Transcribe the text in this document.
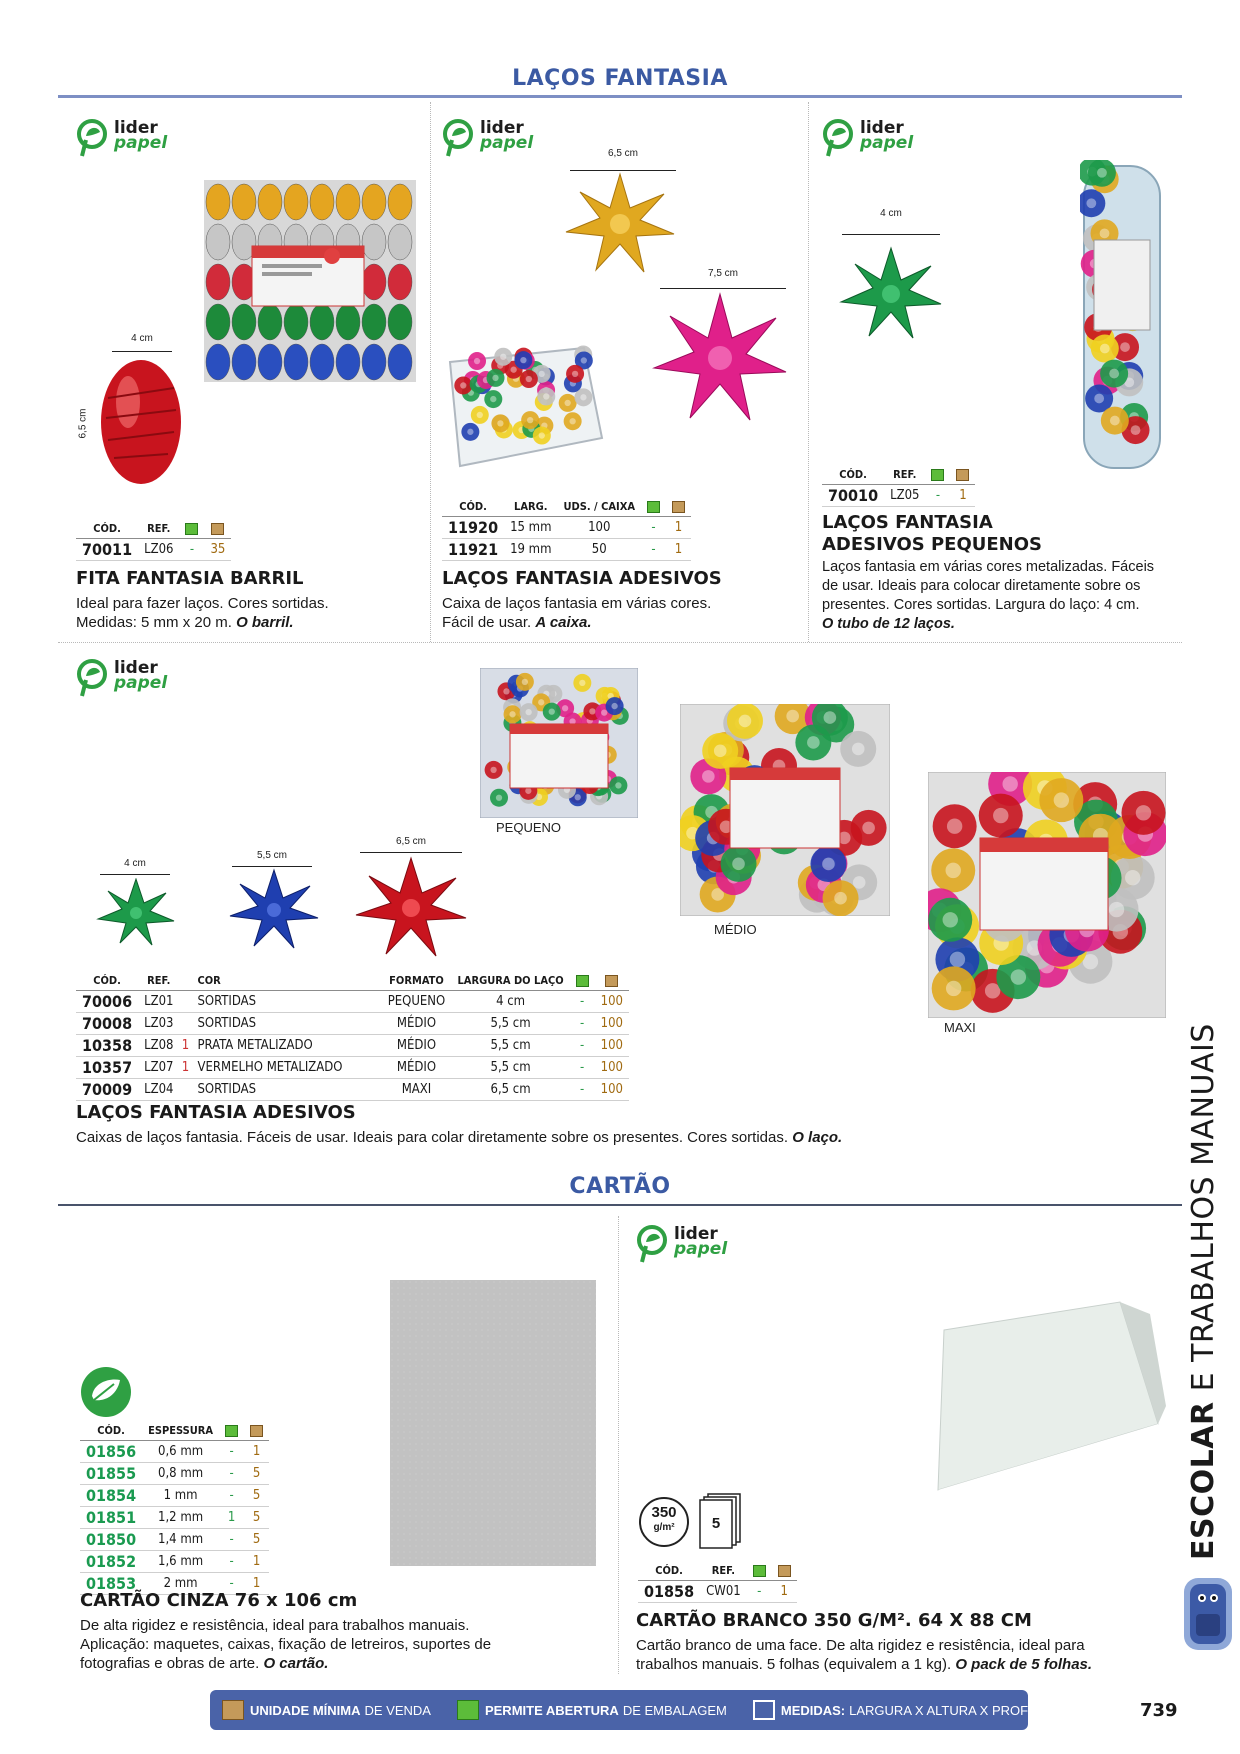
LAÇOS FANTASIA
lider
papel
4 cm
6,5 cm
CÓD.	REF.		
70011	LZ06	-	35
FITA FANTASIA BARRIL
Ideal para fazer laços. Cores sortidas.
Medidas: 5 mm x 20 m. O barril.
lider
papel
6,5 cm
7,5 cm
CÓD.	LARG.	UDS. / CAIXA		
11920	15 mm	100	-	1
11921	19 mm	50	-	1
LAÇOS FANTASIA ADESIVOS
Caixa de laços fantasia em várias cores.
Fácil de usar. A caixa.
lider
papel
4 cm
CÓD.	REF.		
70010	LZ05	-	1
LAÇOS FANTASIA
ADESIVOS PEQUENOS
Laços fantasia em várias cores metalizadas. Fáceis
de usar. Ideais para colocar diretamente sobre os
presentes. Cores sortidas. Largura do laço: 4 cm.
O tubo de 12 laços.
lider
papel
PEQUENO
MÉDIO
MAXI
4 cm
5,5 cm
6,5 cm
CÓD.	REF.		COR	FORMATO	LARGURA DO LAÇO		
70006	LZ01		SORTIDAS	PEQUENO	4 cm	-	100
70008	LZ03		SORTIDAS	MÉDIO	5,5 cm	-	100
10358	LZ08	1	PRATA METALIZADO	MÉDIO	5,5 cm	-	100
10357	LZ07	1	VERMELHO METALIZADO	MÉDIO	5,5 cm	-	100
70009	LZ04		SORTIDAS	MAXI	6,5 cm	-	100
LAÇOS FANTASIA ADESIVOS
Caixas de laços fantasia. Fáceis de usar. Ideais para colar diretamente sobre os presentes. Cores sortidas. O laço.
CARTÃO
CÓD.	ESPESSURA		
01856	0,6 mm	-	1
01855	0,8 mm	-	5
01854	1 mm	-	5
01851	1,2 mm	1	5
01850	1,4 mm	-	5
01852	1,6 mm	-	1
01853	2 mm	-	1
CARTÃO CINZA 76 x 106 cm
De alta rigidez e resistência, ideal para trabalhos manuais.
Aplicação: maquetes, caixas, fixação de letreiros, suportes de
fotografias e obras de arte. O cartão.
lider
papel
350
g/m²	5
CÓD.	REF.		
01858	CW01	-	1
CARTÃO BRANCO 350 G/M². 64 X 88 CM
Cartão branco de uma face. De alta rigidez e resistência, ideal para
trabalhos manuais. 5 folhas (equivalem a 1 kg). O pack de 5 folhas.
ESCOLAR E TRABALHOS MANUAIS
UNIDADE MÍNIMA DE VENDA	PERMITE ABERTURA DE EMBALAGEM	MEDIDAS: LARGURA X ALTURA X PROFUNDIDADE 739
